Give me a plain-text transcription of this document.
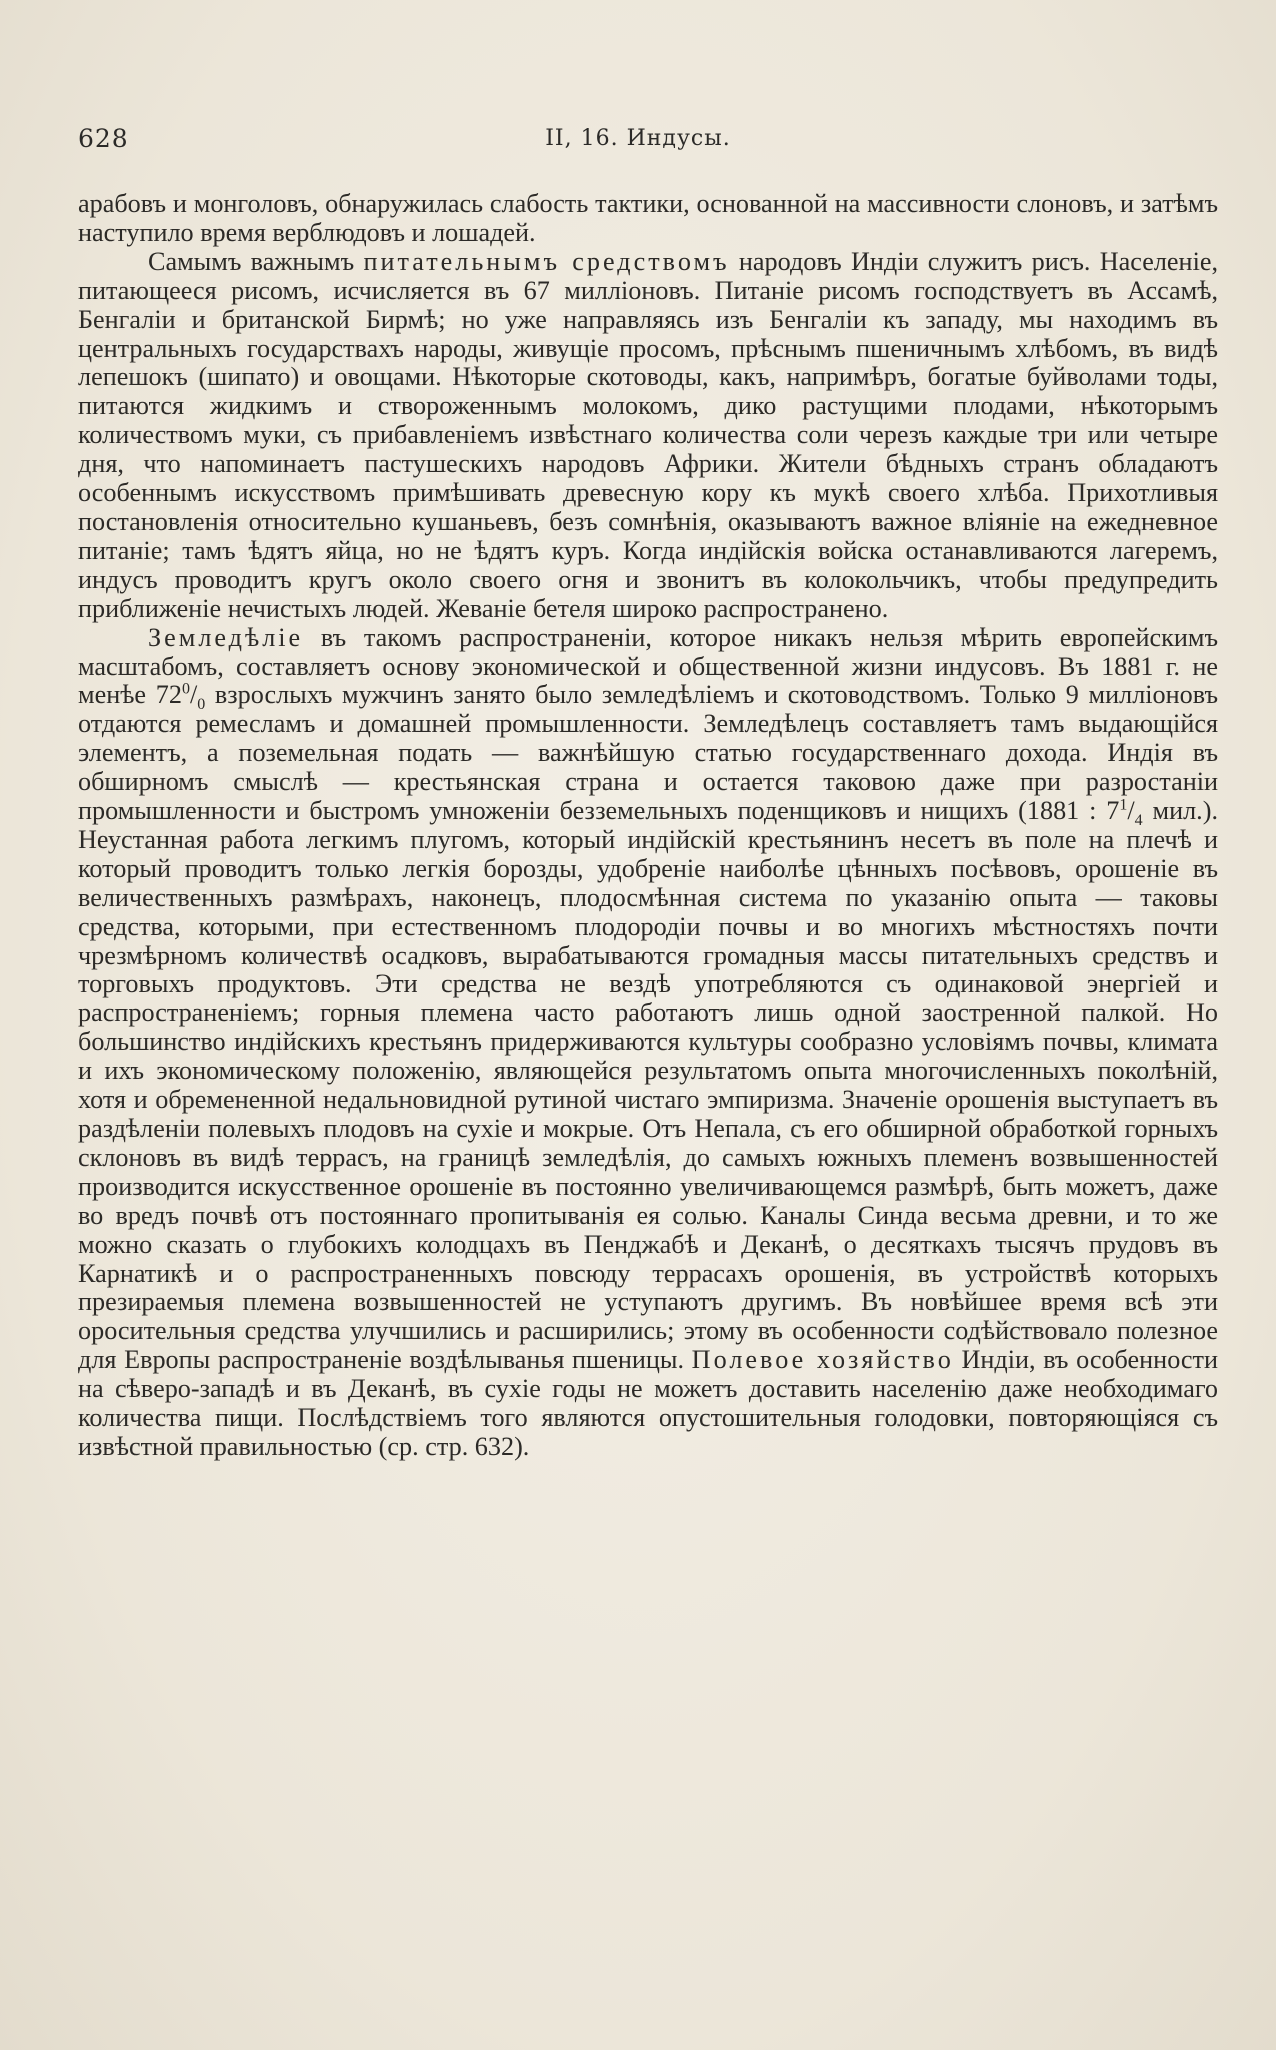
628	II, 16. Индусы.

арабовъ и монголовъ, обнаружилась слабость тактики, основанной на массивности слоновъ, и затѣмъ наступило время верблюдовъ и лошадей.

Самымъ важнымъ питательнымъ средствомъ народовъ Индіи служитъ рисъ. Населеніе, питающееся рисомъ, исчисляется въ 67 милліоновъ. Питаніе рисомъ господствуетъ въ Ассамѣ, Бенгаліи и британской Бирмѣ; но уже направляясь изъ Бенгаліи къ западу, мы находимъ въ центральныхъ государствахъ народы, живущіе просомъ, прѣснымъ пшеничнымъ хлѣбомъ, въ видѣ лепешокъ (шипато) и овощами. Нѣкоторые скотоводы, какъ, напримѣръ, богатые буйволами тоды, питаются жидкимъ и створоженнымъ молокомъ, дико растущими плодами, нѣкоторымъ количествомъ муки, съ прибавленіемъ извѣстнаго количества соли черезъ каждые три или четыре дня, что напоминаетъ пастушескихъ народовъ Африки. Жители бѣдныхъ странъ обладаютъ особеннымъ искусствомъ примѣшивать древесную кору къ мукѣ своего хлѣба. Прихотливыя постановленія относительно кушаньевъ, безъ сомнѣнія, оказываютъ важное вліяніе на ежедневное питаніе; тамъ ѣдятъ яйца, но не ѣдятъ куръ. Когда индійскія войска останавливаются лагеремъ, индусъ проводитъ кругъ около своего огня и звонитъ въ колокольчикъ, чтобы предупредить приближеніе нечистыхъ людей. Жеваніе бетеля широко распространено.

Земледѣліе въ такомъ распространеніи, которое никакъ нельзя мѣрить европейскимъ масштабомъ, составляетъ основу экономической и общественной жизни индусовъ. Въ 1881 г. не менѣе $72^0/_0$ взрослыхъ мужчинъ занято было земледѣліемъ и скотоводствомъ. Только 9 милліоновъ отдаются ремесламъ и домашней промышленности. Земледѣлецъ составляетъ тамъ выдающійся элементъ, а поземельная подать — важнѣйшую статью государственнаго дохода. Индія въ обширномъ смыслѣ — крестьянская страна и остается таковою даже при разростаніи промышленности и быстромъ умноженіи безземельныхъ поденщиковъ и нищихъ (1881 : $7^1/_4$ мил.). Неустанная работа легкимъ плугомъ, который индійскій крестьянинъ несетъ въ поле на плечѣ и который проводитъ только легкія борозды, удобреніе наиболѣе цѣнныхъ посѣвовъ, орошеніе въ величественныхъ размѣрахъ, наконецъ, плодосмѣнная система по указанію опыта — таковы средства, которыми, при естественномъ плодородіи почвы и во многихъ мѣстностяхъ почти чрезмѣрномъ количествѣ осадковъ, вырабатываются громадныя массы питательныхъ средствъ и торговыхъ продуктовъ. Эти средства не вездѣ употребляются съ одинаковой энергіей и распространеніемъ; горныя племена часто работаютъ лишь одной заостренной палкой. Но большинство индійскихъ крестьянъ придерживаются культуры сообразно условіямъ почвы, климата и ихъ экономическому положенію, являющейся результатомъ опыта многочисленныхъ поколѣній, хотя и обремененной недальновидной рутиной чистаго эмпиризма. Значеніе орошенія выступаетъ въ раздѣленіи полевыхъ плодовъ на сухіе и мокрые. Отъ Непала, съ его обширной обработкой горныхъ склоновъ въ видѣ террасъ, на границѣ земледѣлія, до самыхъ южныхъ племенъ возвышенностей производится искусственное орошеніе въ постоянно увеличивающемся размѣрѣ, быть можетъ, даже во вредъ почвѣ отъ постояннаго пропитыванія ея солью. Каналы Синда весьма древни, и то же можно сказать о глубокихъ колодцахъ въ Пенджабѣ и Деканѣ, о десяткахъ тысячъ прудовъ въ Карнатикѣ и о распространенныхъ повсюду террасахъ орошенія, въ устройствѣ которыхъ презираемыя племена возвышенностей не уступаютъ другимъ. Въ новѣйшее время всѣ эти оросительныя средства улучшились и расширились; этому въ особенности содѣйствовало полезное для Европы распространеніе воздѣлыванья пшеницы. Полевое хозяйство Индіи, въ особенности на сѣверо-западѣ и въ Деканѣ, въ сухіе годы не можетъ доставить населенію даже необходимаго количества пищи. Послѣдствіемъ того являются опустошительныя голодовки, повторяющіяся съ извѣстной правильностью (ср. стр. 632).
